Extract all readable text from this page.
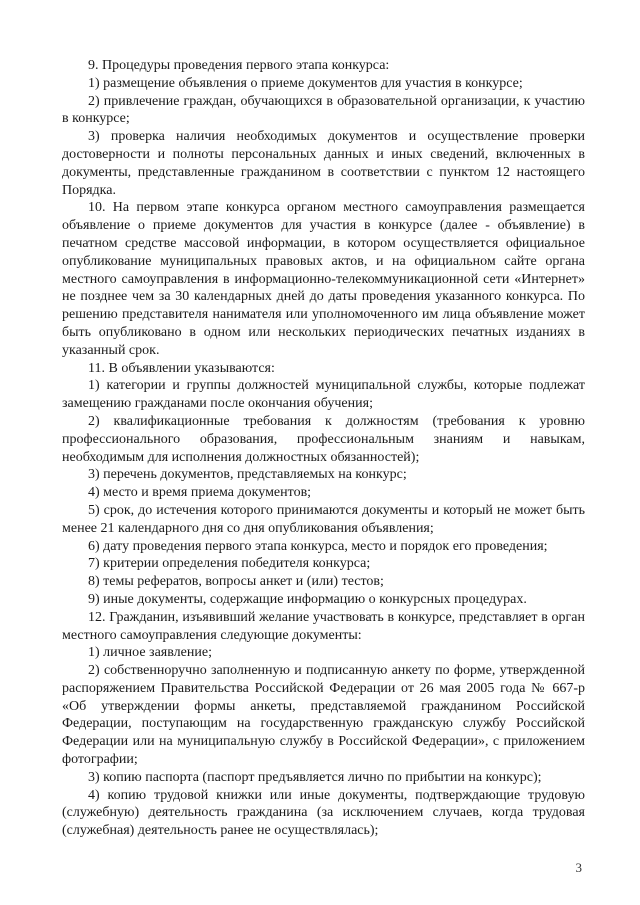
9. Процедуры проведения первого этапа конкурса:

1) размещение объявления о приеме документов для участия в конкурсе;

2) привлечение граждан, обучающихся в образовательной организации, к участию в конкурсе;

3) проверка наличия необходимых документов и осуществление проверки достоверности и полноты персональных данных и иных сведений, включенных в документы, представленные гражданином в соответствии с пунктом 12 настоящего Порядка.

10. На первом этапе конкурса органом местного самоуправления размещается объявление о приеме документов для участия в конкурсе (далее - объявление) в печатном средстве массовой информации, в котором осуществляется официальное опубликование муниципальных правовых актов, и на официальном сайте органа местного самоуправления в информационно-телекоммуникационной сети «Интернет» не позднее чем за 30 календарных дней до даты проведения указанного конкурса. По решению представителя нанимателя или уполномоченного им лица объявление может быть опубликовано в одном или нескольких периодических печатных изданиях в указанный срок.

11. В объявлении указываются:

1) категории и группы должностей муниципальной службы, которые подлежат замещению гражданами после окончания обучения;

2) квалификационные требования к должностям (требования к уровню профессионального образования, профессиональным знаниям и навыкам, необходимым для исполнения должностных обязанностей);

3) перечень документов, представляемых на конкурс;

4) место и время приема документов;

5) срок, до истечения которого принимаются документы и который не может быть менее 21 календарного дня со дня опубликования объявления;

6) дату проведения первого этапа конкурса, место и порядок его проведения;

7) критерии определения победителя конкурса;

8) темы рефератов, вопросы анкет и (или) тестов;

9) иные документы, содержащие информацию о конкурсных процедурах.

12. Гражданин, изъявивший желание участвовать в конкурсе, представляет в орган местного самоуправления следующие документы:

1) личное заявление;

2) собственноручно заполненную и подписанную анкету по форме, утвержденной распоряжением Правительства Российской Федерации от 26 мая 2005 года № 667-р «Об утверждении формы анкеты, представляемой гражданином Российской Федерации, поступающим на государственную гражданскую службу Российской Федерации или на муниципальную службу в Российской Федерации», с приложением фотографии;

3) копию паспорта (паспорт предъявляется лично по прибытии на конкурс);

4) копию трудовой книжки или иные документы, подтверждающие трудовую (служебную) деятельность гражданина (за исключением случаев, когда трудовая (служебная) деятельность ранее не осуществлялась);

3
